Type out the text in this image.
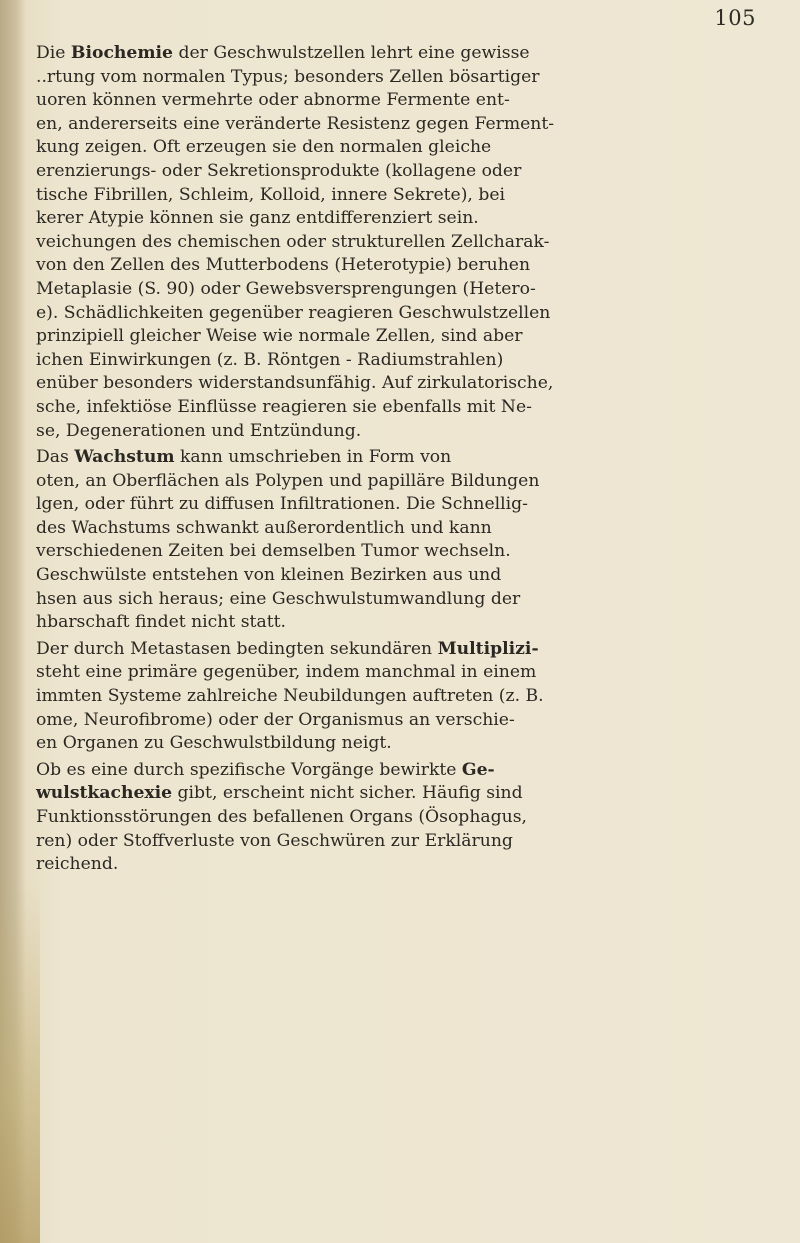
105
Die Biochemie der Geschwulstzellen lehrt eine gewisse
..rtung vom normalen Typus; besonders Zellen bösartiger
uoren können vermehrte oder abnorme Fermente ent-
en, andererseits eine veränderte Resistenz gegen Ferment-
kung zeigen. Oft erzeugen sie den normalen gleiche
erenzierungs- oder Sekretionsprodukte (kollagene oder
tische Fibrillen, Schleim, Kolloid, innere Sekrete), bei
kerer Atypie können sie ganz entdifferenziert sein.
veichungen des chemischen oder strukturellen Zellcharak-
von den Zellen des Mutterbodens (Heterotypie) beruhen
Metaplasie (S. 90) oder Gewebsversprengungen (Hetero-
e). Schädlichkeiten gegenüber reagieren Geschwulstzellen
prinzipiell gleicher Weise wie normale Zellen, sind aber
ichen Einwirkungen (z. B. Röntgen - Radiumstrahlen)
enüber besonders widerstandsunfähig. Auf zirkulatorische,
sche, infektiöse Einflüsse reagieren sie ebenfalls mit Ne-
se, Degenerationen und Entzündung.
Das Wachstum kann umschrieben in Form von
oten, an Oberflächen als Polypen und papilläre Bildungen
lgen, oder führt zu diffusen Infiltrationen. Die Schnellig-
des Wachstums schwankt außerordentlich und kann
verschiedenen Zeiten bei demselben Tumor wechseln.
Geschwülste entstehen von kleinen Bezirken aus und
hsen aus sich heraus; eine Geschwulstumwandlung der
hbarschaft findet nicht statt.
Der durch Metastasen bedingten sekundären Multiplizi-
steht eine primäre gegenüber, indem manchmal in einem
immten Systeme zahlreiche Neubildungen auftreten (z. B.
ome, Neurofibrome) oder der Organismus an verschie-
en Organen zu Geschwulstbildung neigt.
Ob es eine durch spezifische Vorgänge bewirkte Ge-
wulstkachexie gibt, erscheint nicht sicher. Häufig sind
Funktionsstörungen des befallenen Organs (Ösophagus,
ren) oder Stoffverluste von Geschwüren zur Erklärung
reichend.
